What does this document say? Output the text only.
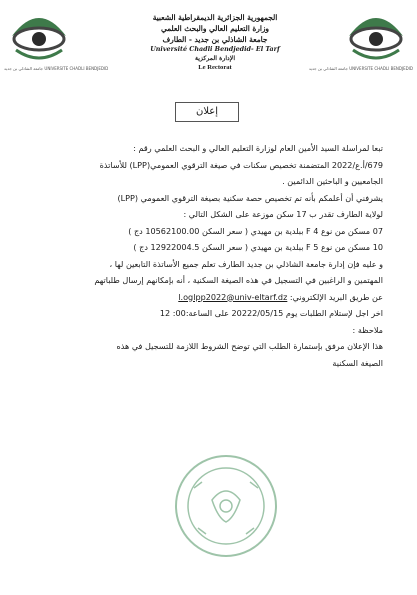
جامعة الشاذلي بن جديد UNIVERSITE CHADLI BENDJEDID	جامعة الشاذلي بن جديد UNIVERSITE CHADLI BENDJEDID
الجمهورية الجزائرية الديمقراطية الشعبية
وزارة التعليم العالي والبحث العلمي
جامعة الشاذلي بن جديد - الطارف
Université Chadli Bendjedid- El Tarf
الإدارة المركزية
Le Rectorat
إعلان
تبعا لمراسلة السيد الأمين العام لوزارة التعليم العالي و البحث العلمي رقم :
679/أ.ع/2022 المتضمنة تخصيص سكنات في صيغة الترقوي العمومي(LPP) للأساتذة
الجامعيين و الباحثين الدائمين .
يشرفني أن أعلمكم بأنه تم تخصيص حصة سكنية بصيغة الترقوي العمومي (LPP)
لولاية الطارف تقدر ب 17 سكن موزعة على الشكل التالي :
07 مسكن من نوع F 4 ببلدية بن مهيدي ( سعر السكن 10562100.00 دج )
10 مسكن من نوع F 5 ببلدية بن مهيدي ( سعر السكن 12922004.5 دج )
و عليه فإن إدارة جامعة الشاذلي بن جديد الطارف تعلم جميع الأساتذة التابعين لها ،
المهتمين و الراغبين في التسجيل في هذه الصيغة السكنية ، أنه بإمكانهم إرسال طلباتهم
عن طريق البريد الإلكتروني: l.oglpp2022@univ-eltarf.dz
اخر اجل لإستلام الطلبات يوم 20222/05/15 على الساعة:00: 12
ملاحظة :
هذا الإعلان مرفق بإستمارة الطلب التي توضح الشروط اللازمة للتسجيل في هذه
الصيغة السكنية
